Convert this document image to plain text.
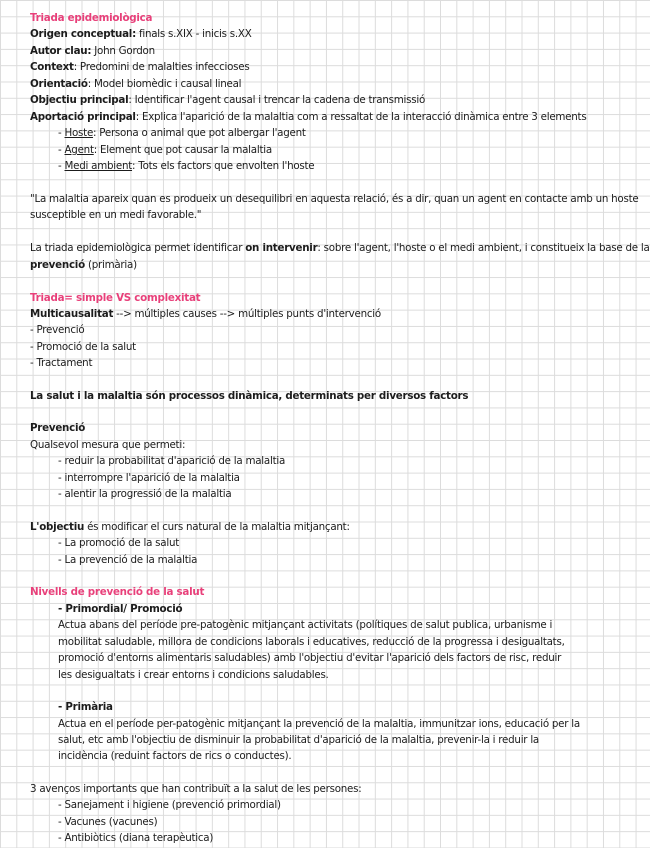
Triada epidemiològica
Origen conceptual: finals s.XIX - inicis s.XX
Autor clau: John Gordon
Context: Predomini de malalties infeccioses
Orientació: Model biomèdic i causal lineal
Objectiu principal: Identificar l'agent causal i trencar la cadena de transmissió
Aportació principal: Explica l'aparició de la malaltia com a ressaltat de la interacció dinàmica entre 3 elements
- Hoste: Persona o animal que pot albergar l'agent
- Agent: Element que pot causar la malaltia
- Medi ambient: Tots els factors que envolten l'hoste
"La malaltia apareix quan es produeix un desequilibri en aquesta relació, és a dir, quan un agent en contacte amb un hoste
susceptible en un medi favorable."
La triada epidemiològica permet identificar on intervenir: sobre l'agent, l'hoste o el medi ambient, i constitueix la base de la
prevenció (primària)
Triada= simple VS complexitat
Multicausalitat --> múltiples causes --> múltiples punts d'intervenció
- Prevenció
- Promoció de la salut
- Tractament
La salut i la malaltia són processos dinàmica, determinats per diversos factors
Prevenció
Qualsevol mesura que permeti:
- reduir la probabilitat d'aparició de la malaltia
- interrompre l'aparició de la malaltia
- alentir la progressió de la malaltia
L'objectiu és modificar el curs natural de la malaltia mitjançant:
- La promoció de la salut
- La prevenció de la malaltia
Nivells de prevenció de la salut
- Primordial/ Promoció
Actua abans del període pre-patogènic mitjançant activitats (polítiques de salut publica, urbanisme i
mobilitat saludable, millora de condicions laborals i educatives, reducció de la progressa i desigualtats,
promoció d'entorns alimentaris saludables) amb l'objectiu d'evitar l'aparició dels factors de risc, reduir
les desigualtats i crear entorns i condicions saludables.
- Primària
Actua en el període per-patogènic mitjançant la prevenció de la malaltia, immunitzar ions, educació per la
salut, etc amb l'objectiu de disminuir la probabilitat d'aparició de la malaltia, prevenir-la i reduir la
incidència (reduint factors de rics o conductes).
3 avenços importants que han contribuït a la salut de les persones:
- Sanejament i higiene (prevenció primordial)
- Vacunes (vacunes)
- Antibiòtics (diana terapèutica)
